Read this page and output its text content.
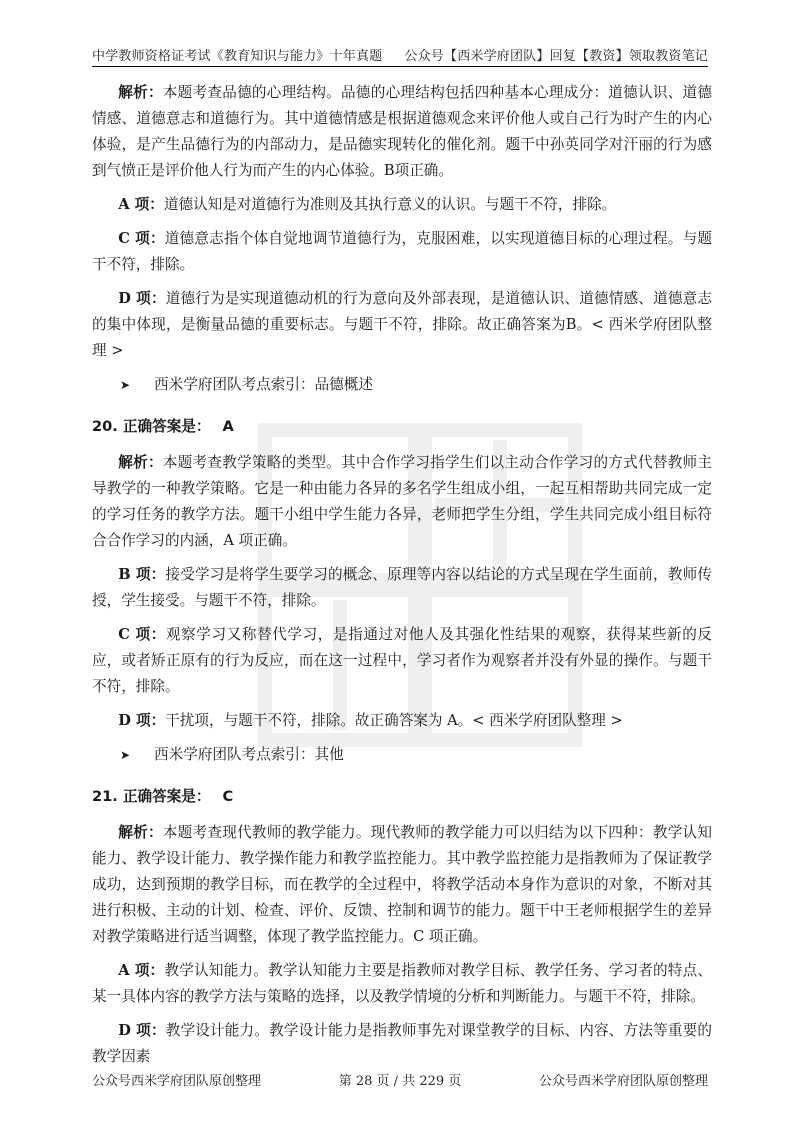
中学教师资格证考试《教育知识与能力》十年真题 公众号【西米学府团队】回复【教资】领取教资笔记

解析：本题考查品德的心理结构。品德的心理结构包括四种基本心理成分：道德认识、道德情感、道德意志和道德行为。其中道德情感是根据道德观念来评价他人或自己行为时产生的内心体验，是产生品德行为的内部动力，是品德实现转化的催化剂。题干中孙英同学对汗丽的行为感到气愤正是评价他人行为而产生的内心体验。B项正确。

A 项：道德认知是对道德行为准则及其执行意义的认识。与题干不符，排除。

C 项：道德意志指个体自觉地调节道德行为，克服困难，以实现道德目标的心理过程。与题干不符，排除。

D 项：道德行为是实现道德动机的行为意向及外部表现，是道德认识、道德情感、道德意志的集中体现，是衡量品德的重要标志。与题干不符，排除。故正确答案为B。< 西米学府团队整理 >

➤	西米学府团队考点索引：品德概述
20. 正确答案是： A

解析：本题考查教学策略的类型。其中合作学习指学生们以主动合作学习的方式代替教师主导教学的一种教学策略。它是一种由能力各异的多名学生组成小组，一起互相帮助共同完成一定的学习任务的教学方法。题干小组中学生能力各异，老师把学生分组，学生共同完成小组目标符合合作学习的内涵，A 项正确。

B 项：接受学习是将学生要学习的概念、原理等内容以结论的方式呈现在学生面前，教师传授，学生接受。与题干不符，排除。

C 项：观察学习又称替代学习，是指通过对他人及其强化性结果的观察，获得某些新的反应，或者矫正原有的行为反应，而在这一过程中，学习者作为观察者并没有外显的操作。与题干不符，排除。

D 项：干扰项，与题干不符，排除。故正确答案为 A。< 西米学府团队整理 >

➤	西米学府团队考点索引：其他
21. 正确答案是： C

解析：本题考查现代教师的教学能力。现代教师的教学能力可以归结为以下四种：教学认知能力、教学设计能力、教学操作能力和教学监控能力。其中教学监控能力是指教师为了保证教学成功，达到预期的教学目标，而在教学的全过程中，将教学活动本身作为意识的对象，不断对其进行积极、主动的计划、检查、评价、反馈、控制和调节的能力。题干中王老师根据学生的差异对教学策略进行适当调整，体现了教学监控能力。C 项正确。

A 项：教学认知能力。教学认知能力主要是指教师对教学目标、教学任务、学习者的特点、某一具体内容的教学方法与策略的选择，以及教学情境的分析和判断能力。与题干不符，排除。

D 项：教学设计能力。教学设计能力是指教师事先对课堂教学的目标、内容、方法等重要的教学因素

公众号西米学府团队原创整理	第 28 页 / 共 229 页	公众号西米学府团队原创整理
